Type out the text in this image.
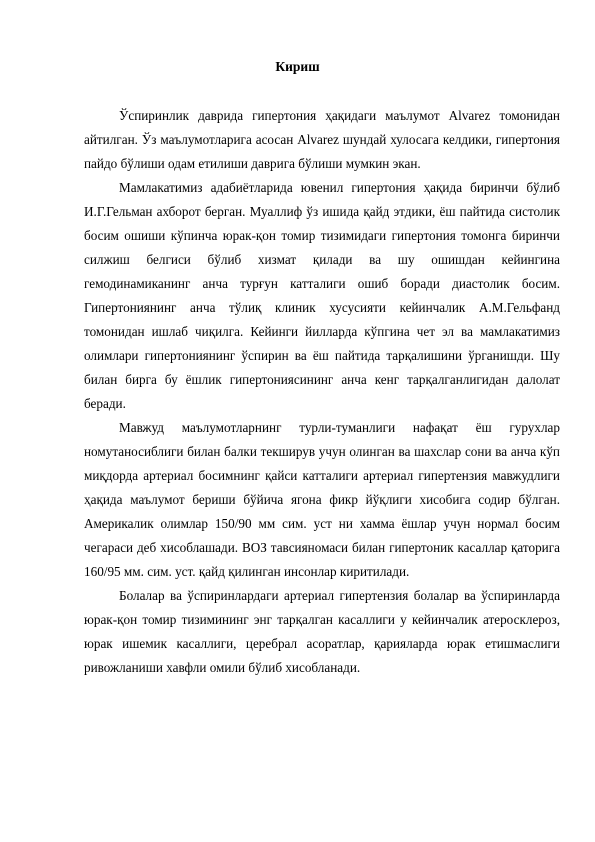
Кириш

Ўспиринлик даврида гипертония ҳақидаги маълумот Alvarez томонидан айтилган. Ўз маълумотларига асосан Alvarez шундай хулосага келдики, гипертония пайдо бўлиши одам етилиши даврига бўлиши мумкин экан.

Мамлакатимиз адабиётларида ювенил гипертония ҳақида биринчи бўлиб И.Г.Гельман ахборот берган. Муаллиф ўз ишида қайд этдики, ёш пайтида систолик босим ошиши кўпинча юрак-қон томир тизимидаги гипертония томонга биринчи силжиш белгиси бўлиб хизмат қилади ва шу ошишдан кейингина гемодинамиканинг анча турғун катталиги ошиб боради диастолик босим. Гипертониянинг анча тўлиқ клиник хусусияти кейинчалик А.М.Гельфанд томонидан ишлаб чиқилга. Кейинги йилларда кўпгина чет эл ва мамлакатимиз олимлари гипертониянинг ўспирин ва ёш пайтида тарқалишини ўрганишди. Шу билан бирга бу ёшлик гипертониясининг анча кенг тарқалганлигидан далолат беради.

Мавжуд маълумотларнинг турли-туманлиги нафақат ёш гурухлар номутаносиблиги билан балки текширув учун олинган ва шахслар сони ва анча кўп миқдорда артериал босимнинг қайси катталиги артериал гипертензия мавжудлиги ҳақида маълумот бериши бўйича ягона фикр йўқлиги хисобига содир бўлган. Америкалик олимлар 150/90 мм сим. уст ни хамма ёшлар учун нормал босим чегараси деб хисоблашади. ВОЗ тавсияномаси билан гипертоник касаллар қаторига 160/95 мм. сим. уст. қайд қилинган инсонлар киритилади.

Болалар ва ўспиринлардаги артериал гипертензия болалар ва ўспиринларда юрак-қон томир тизимининг энг тарқалган касаллиги у кейинчалик атеросклероз, юрак ишемик касаллиги, церебрал асоратлар, қарияларда юрак етишмаслиги ривожланиши хавфли омили бўлиб хисобланади.
